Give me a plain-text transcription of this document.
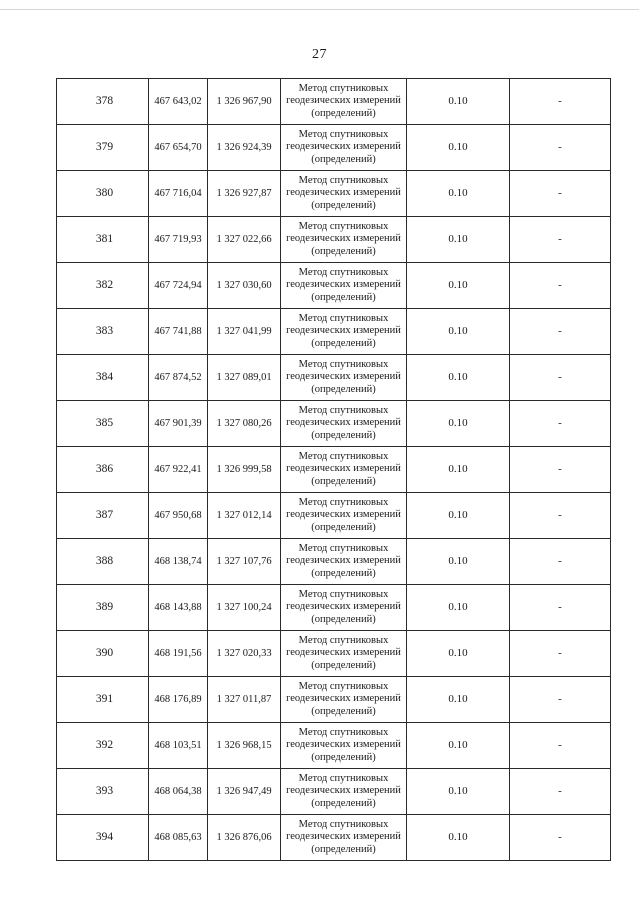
27
378	467 643,02	1 326 967,90	Метод спутниковых
геодезических измерений
(определений)	0.10	-
379	467 654,70	1 326 924,39	Метод спутниковых
геодезических измерений
(определений)	0.10	-
380	467 716,04	1 326 927,87	Метод спутниковых
геодезических измерений
(определений)	0.10	-
381	467 719,93	1 327 022,66	Метод спутниковых
геодезических измерений
(определений)	0.10	-
382	467 724,94	1 327 030,60	Метод спутниковых
геодезических измерений
(определений)	0.10	-
383	467 741,88	1 327 041,99	Метод спутниковых
геодезических измерений
(определений)	0.10	-
384	467 874,52	1 327 089,01	Метод спутниковых
геодезических измерений
(определений)	0.10	-
385	467 901,39	1 327 080,26	Метод спутниковых
геодезических измерений
(определений)	0.10	-
386	467 922,41	1 326 999,58	Метод спутниковых
геодезических измерений
(определений)	0.10	-
387	467 950,68	1 327 012,14	Метод спутниковых
геодезических измерений
(определений)	0.10	-
388	468 138,74	1 327 107,76	Метод спутниковых
геодезических измерений
(определений)	0.10	-
389	468 143,88	1 327 100,24	Метод спутниковых
геодезических измерений
(определений)	0.10	-
390	468 191,56	1 327 020,33	Метод спутниковых
геодезических измерений
(определений)	0.10	-
391	468 176,89	1 327 011,87	Метод спутниковых
геодезических измерений
(определений)	0.10	-
392	468 103,51	1 326 968,15	Метод спутниковых
геодезических измерений
(определений)	0.10	-
393	468 064,38	1 326 947,49	Метод спутниковых
геодезических измерений
(определений)	0.10	-
394	468 085,63	1 326 876,06	Метод спутниковых
геодезических измерений
(определений)	0.10	-
